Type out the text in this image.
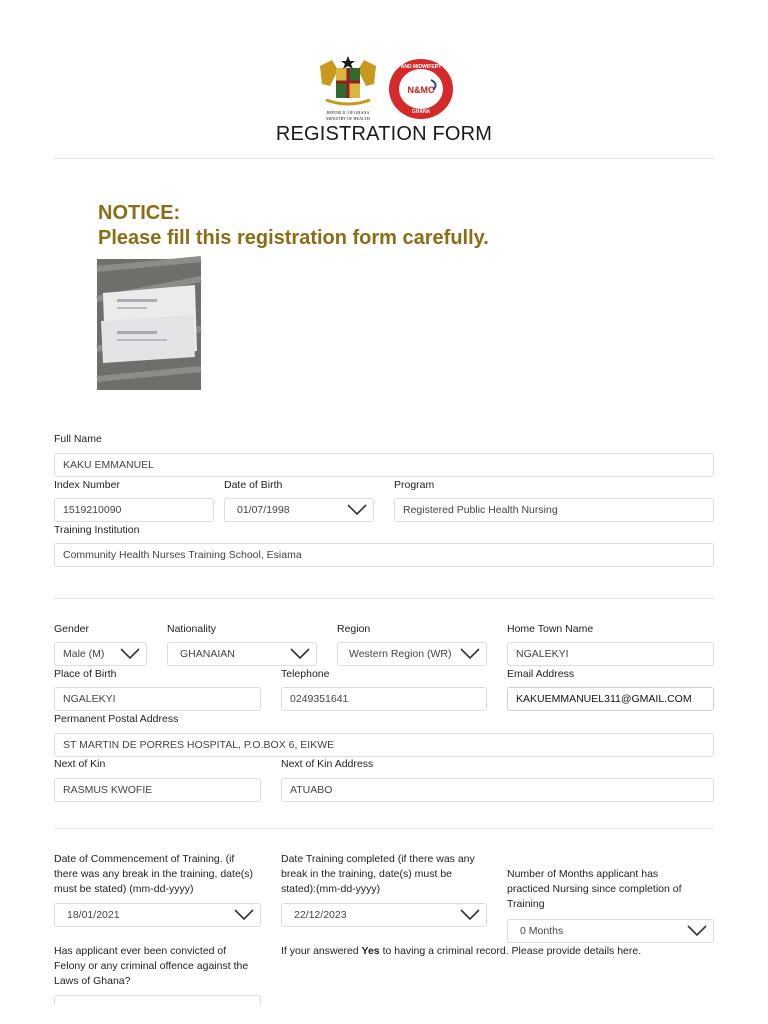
REPUBLIC OF GHANA
MINISTRY OF HEALTH
NURSING AND MIDWIFERY COUNCIL
N&MC
GHANA
REGISTRATION FORM
NOTICE:
Please fill this registration form carefully.
Full Name
KAKU EMMANUEL
Index Number
1519210090
Date of Birth
01/07/1998
Program
Registered Public Health Nursing
Training Institution
Community Health Nurses Training School, Esiama
Gender
Male (M)
Nationality
GHANAIAN
Region
Western Region (WR)
Home Town Name
NGALEKYI
Place of Birth
NGALEKYI
Telephone
0249351641
Email Address
KAKUEMMANUEL311@GMAIL.COM
Permanent Postal Address
ST MARTIN DE PORRES HOSPITAL, P.O.BOX 6, EIKWE
Next of Kin
RASMUS KWOFIE
Next of Kin Address
ATUABO
Date of Commencement of Training. (if
there was any break in the training, date(s)
must be stated) (mm-dd-yyyy)
18/01/2021
Date Training completed (if there was any
break in the training, date(s) must be
stated):(mm-dd-yyyy)
22/12/2023
Number of Months applicant has
practiced Nursing since completion of
Training
0 Months
Has applicant ever been convicted of
Felony or any criminal offence against the
Laws of Ghana?
If your answered Yes to having a criminal record. Please provide details here.
